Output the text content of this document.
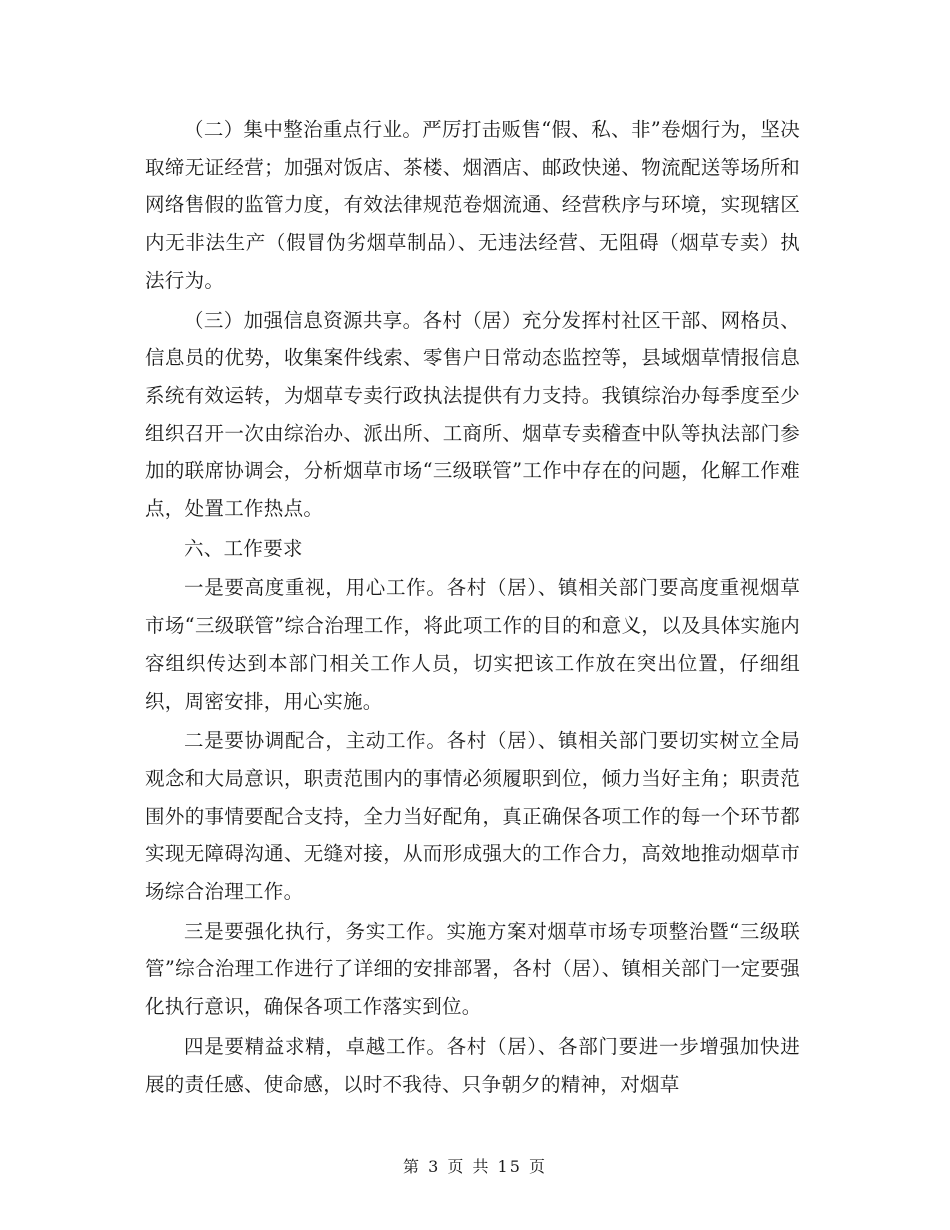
（二）集中整治重点行业。严厉打击贩售“假、私、非”卷烟行为，坚决取缔无证经营；加强对饭店、茶楼、烟酒店、邮政快递、物流配送等场所和网络售假的监管力度，有效法律规范卷烟流通、经营秩序与环境，实现辖区内无非法生产（假冒伪劣烟草制品）、无违法经营、无阻碍（烟草专卖）执法行为。

（三）加强信息资源共享。各村（居）充分发挥村社区干部、网格员、信息员的优势，收集案件线索、零售户日常动态监控等，县域烟草情报信息系统有效运转，为烟草专卖行政执法提供有力支持。我镇综治办每季度至少组织召开一次由综治办、派出所、工商所、烟草专卖稽查中队等执法部门参加的联席协调会，分析烟草市场“三级联管”工作中存在的问题，化解工作难点，处置工作热点。

六、工作要求

一是要高度重视，用心工作。各村（居）、镇相关部门要高度重视烟草市场“三级联管”综合治理工作，将此项工作的目的和意义，以及具体实施内容组织传达到本部门相关工作人员，切实把该工作放在突出位置，仔细组织，周密安排，用心实施。

二是要协调配合，主动工作。各村（居）、镇相关部门要切实树立全局观念和大局意识，职责范围内的事情必须履职到位，倾力当好主角；职责范围外的事情要配合支持，全力当好配角，真正确保各项工作的每一个环节都实现无障碍沟通、无缝对接，从而形成强大的工作合力，高效地推动烟草市场综合治理工作。

三是要强化执行，务实工作。实施方案对烟草市场专项整治暨“三级联管”综合治理工作进行了详细的安排部署，各村（居）、镇相关部门一定要强化执行意识，确保各项工作落实到位。

四是要精益求精，卓越工作。各村（居）、各部门要进一步增强加快进展的责任感、使命感，以时不我待、只争朝夕的精神，对烟草

第 3 页 共 15 页
